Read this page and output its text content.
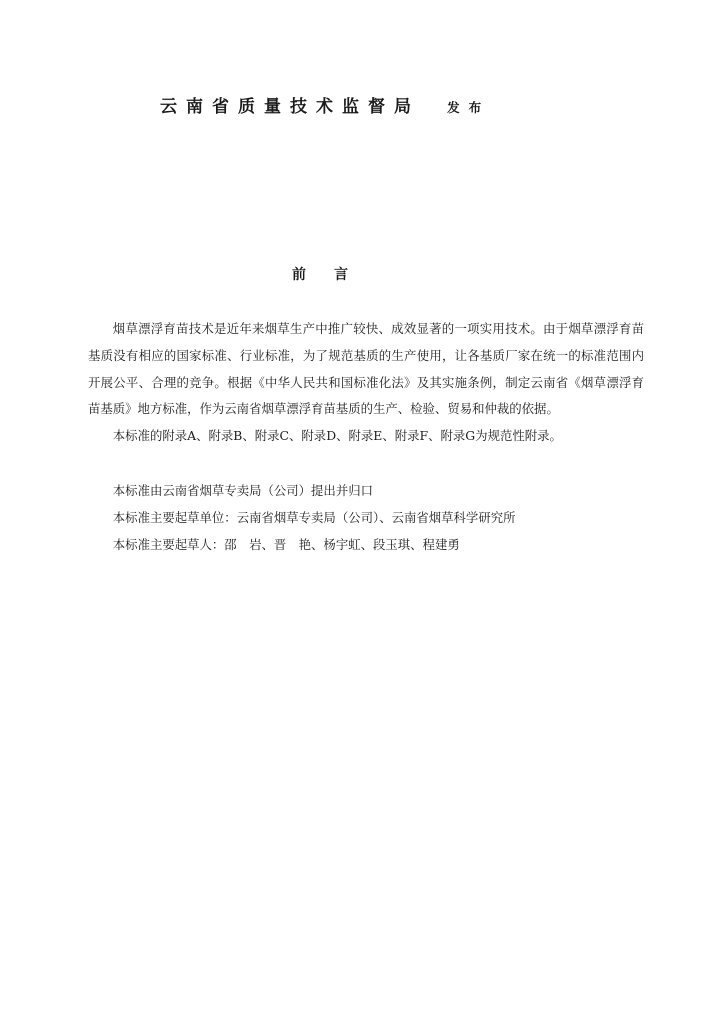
云南省质量技术监督局 发布
前 言

烟草漂浮育苗技术是近年来烟草生产中推广较快、成效显著的一项实用技术。由于烟草漂浮育苗基质没有相应的国家标准、行业标准，为了规范基质的生产使用，让各基质厂家在统一的标准范围内开展公平、合理的竞争。根据《中华人民共和国标准化法》及其实施条例，制定云南省《烟草漂浮育苗基质》地方标准，作为云南省烟草漂浮育苗基质的生产、检验、贸易和仲裁的依据。

本标准的附录A、附录B、附录C、附录D、附录E、附录F、附录G为规范性附录。

本标准由云南省烟草专卖局（公司）提出并归口

本标准主要起草单位：云南省烟草专卖局（公司）、云南省烟草科学研究所

本标准主要起草人：邵　岩、晋　艳、杨宇虹、段玉琪、程建勇
